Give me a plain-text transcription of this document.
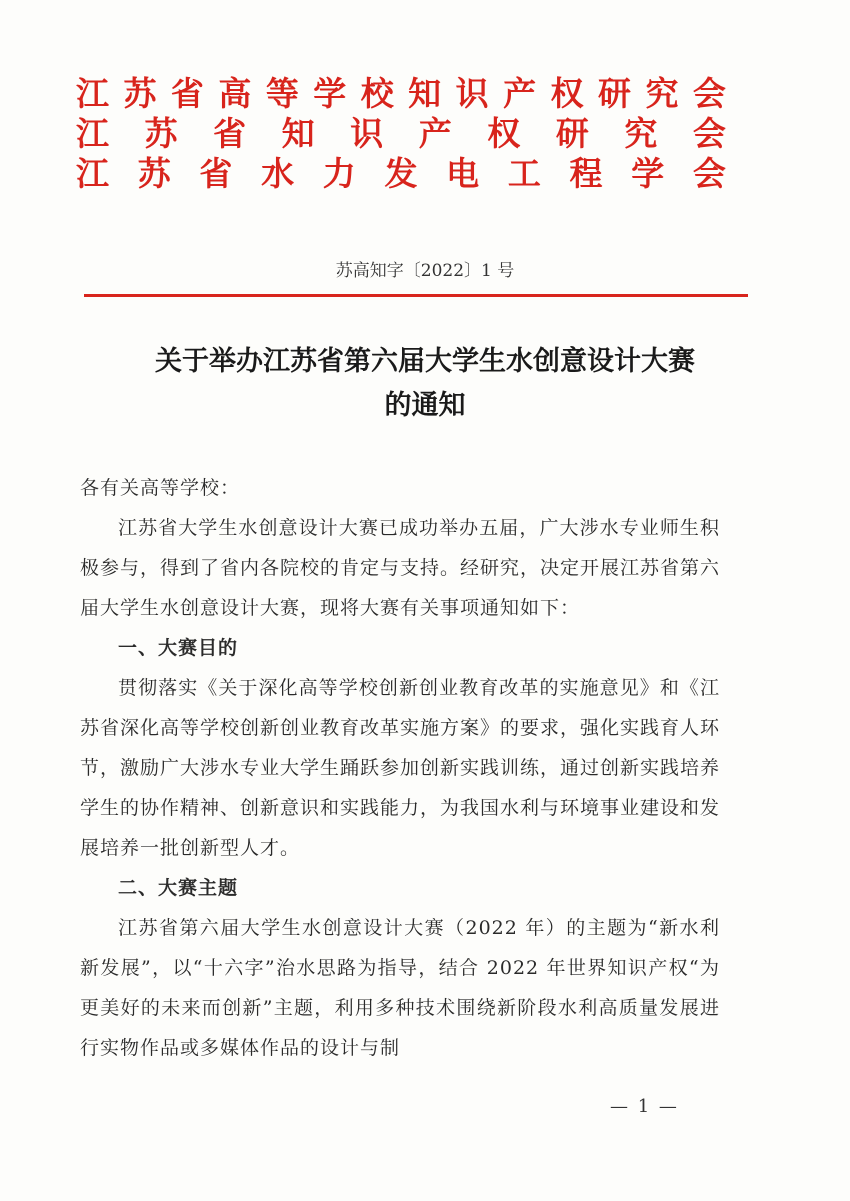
江 苏 省 高 等 学 校 知 识 产 权 研 究 会
江 苏 省 知 识 产 权 研 究 会
江 苏 省 水 力 发 电 工 程 学 会
苏高知字〔2022〕1 号
关于举办江苏省第六届大学生水创意设计大赛
的通知

各有关高等学校：

江苏省大学生水创意设计大赛已成功举办五届，广大涉水专业师生积极参与，得到了省内各院校的肯定与支持。经研究，决定开展江苏省第六届大学生水创意设计大赛，现将大赛有关事项通知如下：

一、大赛目的

贯彻落实《关于深化高等学校创新创业教育改革的实施意见》和《江苏省深化高等学校创新创业教育改革实施方案》的要求，强化实践育人环节，激励广大涉水专业大学生踊跃参加创新实践训练，通过创新实践培养学生的协作精神、创新意识和实践能力，为我国水利与环境事业建设和发展培养一批创新型人才。

二、大赛主题

江苏省第六届大学生水创意设计大赛（2022 年）的主题为“新水利 新发展”，以“十六字”治水思路为指导，结合 2022 年世界知识产权“为更美好的未来而创新”主题，利用多种技术围绕新阶段水利高质量发展进行实物作品或多媒体作品的设计与制

— 1 —
